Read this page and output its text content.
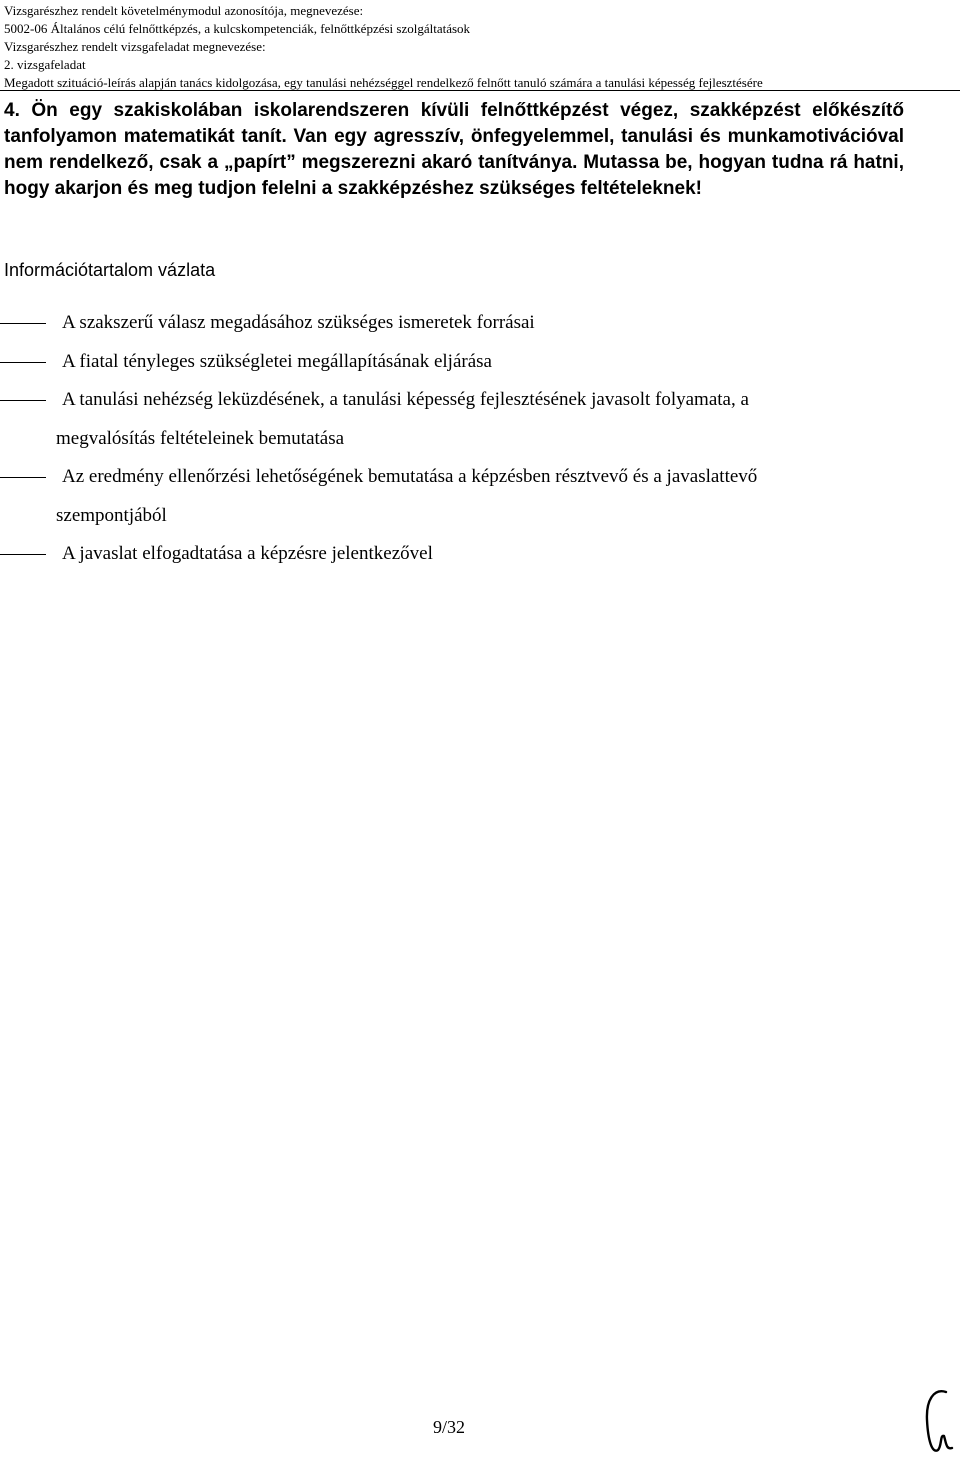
Vizsgarészhez rendelt követelménymodul azonosítója, megnevezése:
5002-06 Általános célú felnőttképzés, a kulcskompetenciák, felnőttképzési szolgáltatások
Vizsgarészhez rendelt vizsgafeladat megnevezése:
2. vizsgafeladat
Megadott szituáció-leírás alapján tanács kidolgozása, egy tanulási nehézséggel rendelkező felnőtt tanuló számára a tanulási képesség fejlesztésére
4. Ön egy szakiskolában iskolarendszeren kívüli felnőttképzést végez, szakképzést előkészítő tanfolyamon matematikát tanít. Van egy agresszív, önfegyelemmel, tanulási és munkamotivációval nem rendelkező, csak a „papírt” megszerezni akaró tanítványa. Mutassa be, hogyan tudna rá hatni, hogy akarjon és meg tudjon felelni a szakképzéshez szükséges feltételeknek!
Információtartalom vázlata
A szakszerű válasz megadásához szükséges ismeretek forrásai
A fiatal tényleges szükségletei megállapításának eljárása
A tanulási nehézség leküzdésének, a tanulási képesség fejlesztésének javasolt folyamata, a
megvalósítás feltételeinek bemutatása
Az eredmény ellenőrzési lehetőségének bemutatása a képzésben résztvevő és a javaslattevő
szempontjából
A javaslat elfogadtatása a képzésre jelentkezővel
9/32
